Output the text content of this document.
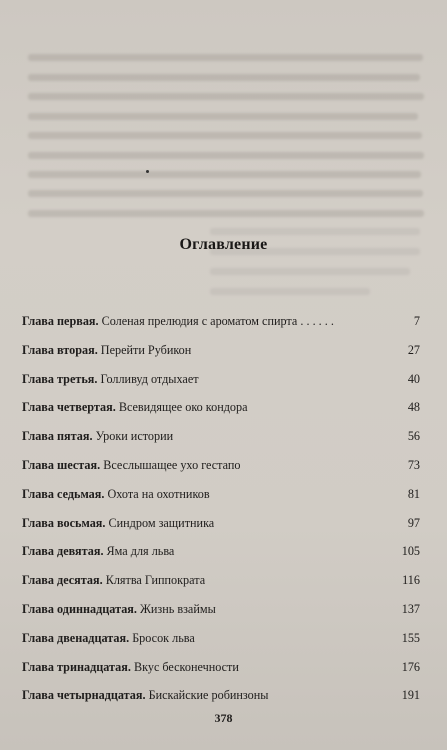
Оглавление
Глава первая. Соленая прелюдия с ароматом спирта . . . . . .	7
Глава вторая. Перейти Рубикон	27
Глава третья. Голливуд отдыхает	40
Глава четвертая. Всевидящее око кондора	48
Глава пятая. Уроки истории	56
Глава шестая. Всеслышащее ухо гестапо	73
Глава седьмая. Охота на охотников	81
Глава восьмая. Синдром защитника	97
Глава девятая. Яма для льва	105
Глава десятая. Клятва Гиппократа	116
Глава одиннадцатая. Жизнь взаймы	137
Глава двенадцатая. Бросок льва	155
Глава тринадцатая. Вкус бесконечности	176
Глава четырнадцатая. Бискайские робинзоны	191
378
